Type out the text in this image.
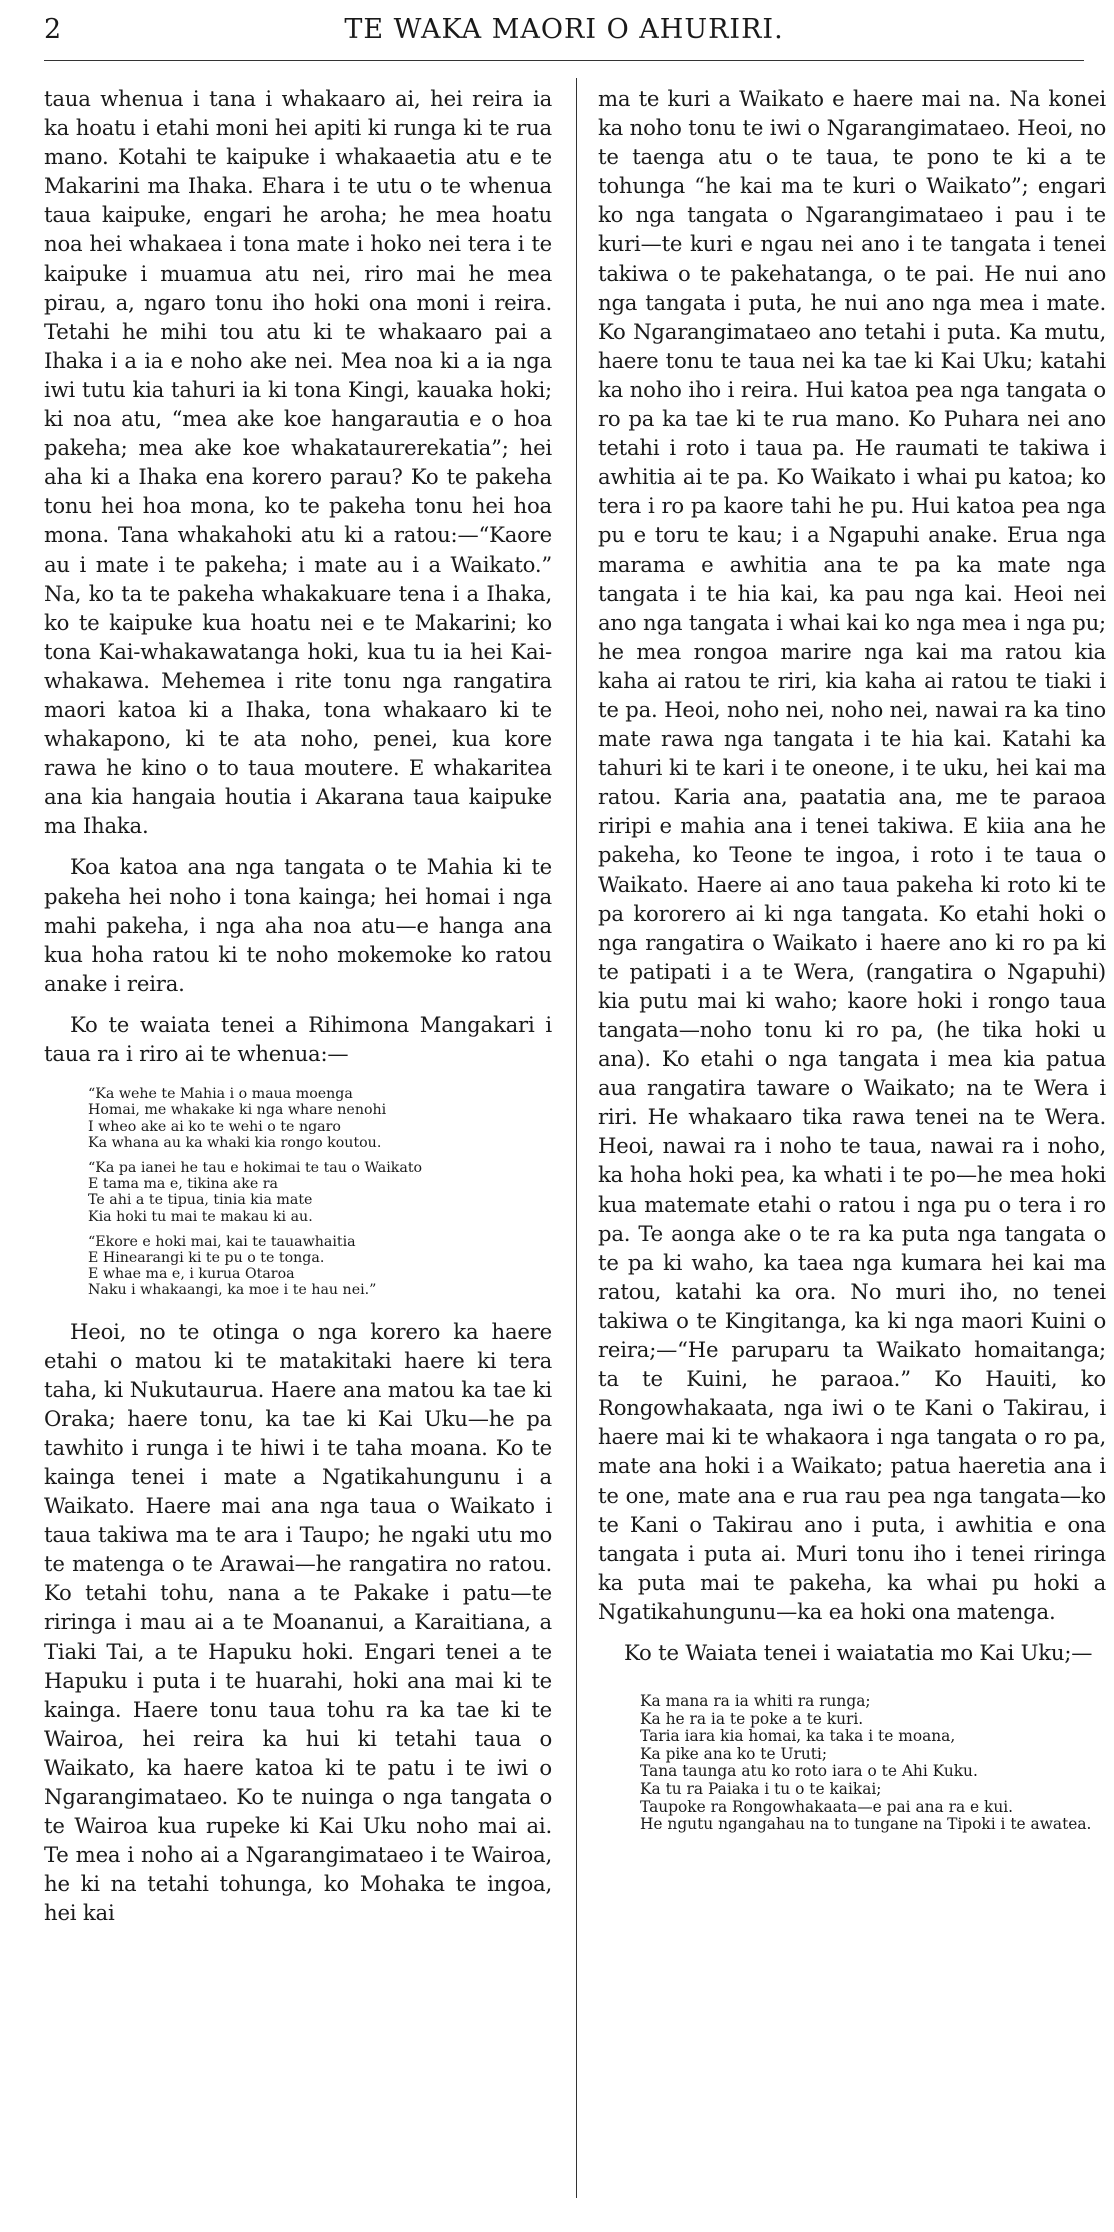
2	TE WAKA MAORI O AHURIRI.

taua whenua i tana i whakaaro ai, hei reira ia ka hoatu i etahi moni hei apiti ki runga ki te rua mano. Kotahi te kaipuke i whakaaetia atu e te Makarini ma Ihaka. Ehara i te utu o te whenua taua kaipuke, engari he aroha; he mea hoatu noa hei whakaea i tona mate i hoko nei tera i te kaipuke i muamua atu nei, riro mai he mea pirau, a, ngaro tonu iho hoki ona moni i reira. Tetahi he mihi tou atu ki te whakaaro pai a Ihaka i a ia e noho ake nei. Mea noa ki a ia nga iwi tutu kia tahuri ia ki tona Kingi, kauaka hoki; ki noa atu, “mea ake koe hangarautia e o hoa pakeha; mea ake koe whakataurerekatia”; hei aha ki a Ihaka ena korero parau? Ko te pakeha tonu hei hoa mona, ko te pakeha tonu hei hoa mona. Tana whakahoki atu ki a ratou:—“Kaore au i mate i te pakeha; i mate au i a Waikato.” Na, ko ta te pakeha whakakuare tena i a Ihaka, ko te kaipuke kua hoatu nei e te Makarini; ko tona Kai-whakawatanga hoki, kua tu ia hei Kai-whakawa. Mehemea i rite tonu nga rangatira maori katoa ki a Ihaka, tona whakaaro ki te whakapono, ki te ata noho, penei, kua kore rawa he kino o to taua moutere. E whakaritea ana kia hangaia houtia i Akarana taua kaipuke ma Ihaka.

Koa katoa ana nga tangata o te Mahia ki te pakeha hei noho i tona kainga; hei homai i nga mahi pakeha, i nga aha noa atu—e hanga ana kua hoha ratou ki te noho mokemoke ko ratou anake i reira.

Ko te waiata tenei a Rihimona Mangakari i taua ra i riro ai te whenua:—

“Ka wehe te Mahia i o maua moenga
Homai, me whakake ki nga whare nenohi
I wheo ake ai ko te wehi o te ngaro
Ka whana au ka whaki kia rongo koutou.
“Ka pa ianei he tau e hokimai te tau o Waikato
E tama ma e, tikina ake ra
Te ahi a te tipua, tinia kia mate
Kia hoki tu mai te makau ki au.
“Ekore e hoki mai, kai te tauawhaitia
E Hinearangi ki te pu o te tonga.
E whae ma e, i kurua Otaroa
Naku i whakaangi, ka moe i te hau nei.”

Heoi, no te otinga o nga korero ka haere etahi o matou ki te matakitaki haere ki tera taha, ki Nukutaurua. Haere ana matou ka tae ki Oraka; haere tonu, ka tae ki Kai Uku—he pa tawhito i runga i te hiwi i te taha moana. Ko te kainga tenei i mate a Ngatikahungunu i a Waikato. Haere mai ana nga taua o Waikato i taua takiwa ma te ara i Taupo; he ngaki utu mo te matenga o te Arawai—he rangatira no ratou. Ko tetahi tohu, nana a te Pakake i patu—te riringa i mau ai a te Moananui, a Karaitiana, a Tiaki Tai, a te Hapuku hoki. Engari tenei a te Hapuku i puta i te huarahi, hoki ana mai ki te kainga. Haere tonu taua tohu ra ka tae ki te Wairoa, hei reira ka hui ki tetahi taua o Waikato, ka haere katoa ki te patu i te iwi o Ngarangimataeo. Ko te nuinga o nga tangata o te Wairoa kua rupeke ki Kai Uku noho mai ai. Te mea i noho ai a Ngarangimataeo i te Wairoa, he ki na tetahi tohunga, ko Mohaka te ingoa, hei kai

ma te kuri a Waikato e haere mai na. Na konei ka noho tonu te iwi o Ngarangimataeo. Heoi, no te taenga atu o te taua, te pono te ki a te tohunga “he kai ma te kuri o Waikato”; engari ko nga tangata o Ngarangimataeo i pau i te kuri—te kuri e ngau nei ano i te tangata i tenei takiwa o te pakehatanga, o te pai. He nui ano nga tangata i puta, he nui ano nga mea i mate. Ko Ngarangimataeo ano tetahi i puta. Ka mutu, haere tonu te taua nei ka tae ki Kai Uku; katahi ka noho iho i reira. Hui katoa pea nga tangata o ro pa ka tae ki te rua mano. Ko Puhara nei ano tetahi i roto i taua pa. He raumati te takiwa i awhitia ai te pa. Ko Waikato i whai pu katoa; ko tera i ro pa kaore tahi he pu. Hui katoa pea nga pu e toru te kau; i a Ngapuhi anake. Erua nga marama e awhitia ana te pa ka mate nga tangata i te hia kai, ka pau nga kai. Heoi nei ano nga tangata i whai kai ko nga mea i nga pu; he mea rongoa marire nga kai ma ratou kia kaha ai ratou te riri, kia kaha ai ratou te tiaki i te pa. Heoi, noho nei, noho nei, nawai ra ka tino mate rawa nga tangata i te hia kai. Katahi ka tahuri ki te kari i te oneone, i te uku, hei kai ma ratou. Karia ana, paatatia ana, me te paraoa riripi e mahia ana i tenei takiwa. E kiia ana he pakeha, ko Teone te ingoa, i roto i te taua o Waikato. Haere ai ano taua pakeha ki roto ki te pa kororero ai ki nga tangata. Ko etahi hoki o nga rangatira o Waikato i haere ano ki ro pa ki te patipati i a te Wera, (rangatira o Ngapuhi) kia putu mai ki waho; kaore hoki i rongo taua tangata—noho tonu ki ro pa, (he tika hoki u ana). Ko etahi o nga tangata i mea kia patua aua rangatira taware o Waikato; na te Wera i riri. He whakaaro tika rawa tenei na te Wera. Heoi, nawai ra i noho te taua, nawai ra i noho, ka hoha hoki pea, ka whati i te po—he mea hoki kua matemate etahi o ratou i nga pu o tera i ro pa. Te aonga ake o te ra ka puta nga tangata o te pa ki waho, ka taea nga kumara hei kai ma ratou, katahi ka ora. No muri iho, no tenei takiwa o te Kingitanga, ka ki nga maori Kuini o reira;—“He paruparu ta Waikato homaitanga; ta te Kuini, he paraoa.” Ko Hauiti, ko Rongowhakaata, nga iwi o te Kani o Takirau, i haere mai ki te whakaora i nga tangata o ro pa, mate ana hoki i a Waikato; patua haeretia ana i te one, mate ana e rua rau pea nga tangata—ko te Kani o Takirau ano i puta, i awhitia e ona tangata i puta ai. Muri tonu iho i tenei riringa ka puta mai te pakeha, ka whai pu hoki a Ngatikahungunu—ka ea hoki ona matenga.

Ko te Waiata tenei i waiatatia mo Kai Uku;—

Ka mana ra ia whiti ra runga;
Ka he ra ia te poke a te kuri.
Taria iara kia homai, ka taka i te moana,
Ka pike ana ko te Uruti;
Tana taunga atu ko roto iara o te Ahi Kuku.
Ka tu ra Paiaka i tu o te kaikai;
Taupoke ra Rongowhakaata—e pai ana ra e kui.
He ngutu ngangahau na to tungane na Tipoki i te awatea.
